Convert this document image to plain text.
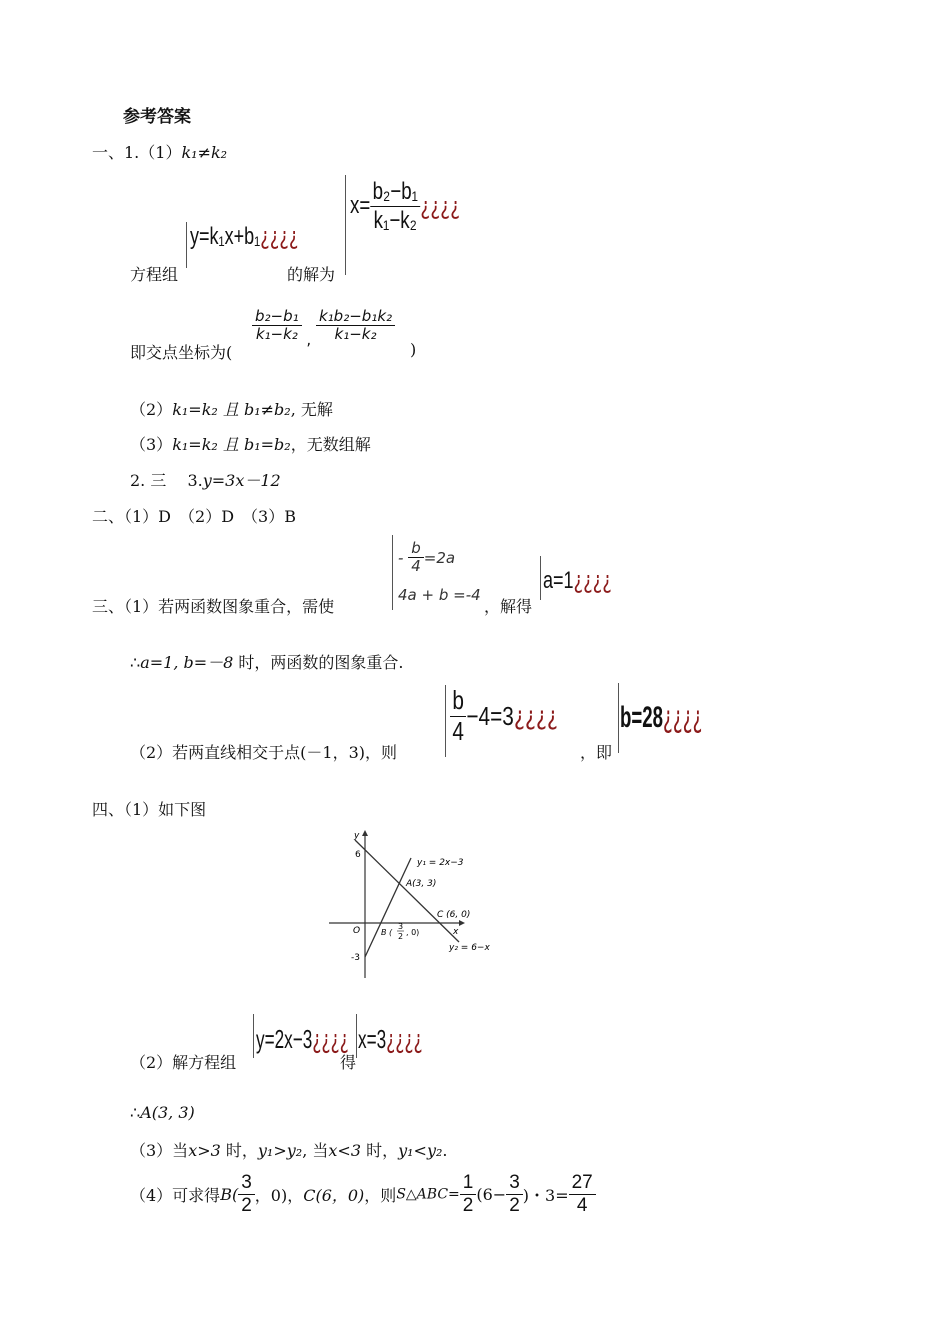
参考答案
一、1.（1）k₁≠k₂
方程组
y=k₁x+b₁¿¿¿¿
的解为
$x= \frac{\text{b₂−b₁}}{\text{k₁−k₂}}$ ¿¿¿¿
即交点坐标为(
$\frac{\text{b₂−b₁}}{\text{k₁−k₂}}$ , $\frac{\text{k₁b₂−b₁k₂}}{\text{k₁−k₂}}$
)
（2）k₁=k₂ 且 b₁≠b₂, 无解
（3）k₁=k₂ 且 b₁=b₂，无数组解
2. 三　 3.y=3x－12
二、（1）D　（2）D　（3）B
三、（1）若两函数图象重合，需使
- $\frac{b}{4} =2a$
4a + b =-4
，解得
a=1¿¿¿¿
∴a=1, b=－8 时，两函数的图象重合.
（2）若两直线相交于点(－1，3)，则
$\frac{b}{4}$ −4=3¿¿¿¿
，即
b=28¿¿¿¿
四、（1）如下图
y
x
O
6
-3
y₁ = 2x−3
A(3, 3)
B (
3
2 , 0)
C (6, 0)
y₂ = 6−x
（2）解方程组
y=2x−3¿¿¿¿
得
x=3¿¿¿¿
∴A(3, 3)
（3）当x>3 时，y₁>y₂, 当x<3 时，y₁<y₂.
（4）可求得$B( \frac{3}{2}$ ，0)，C(6，0)，则S△ABC= $\frac{1}{2} (6- \frac{3}{2}$ )・$3= \frac{27}{4}$
